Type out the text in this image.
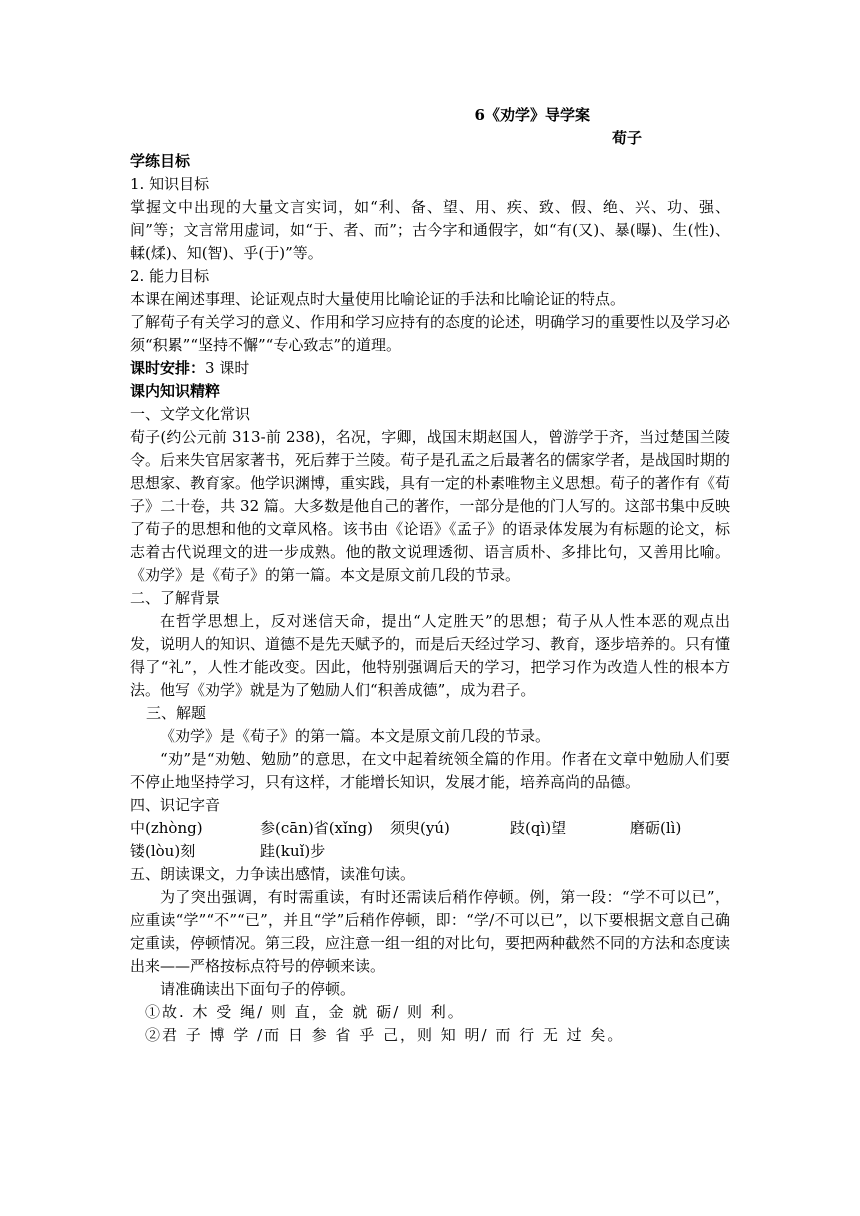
6《劝学》导学案
荀子
学练目标
1. 知识目标
掌握文中出现的大量文言实词，如“利、备、望、用、疾、致、假、绝、兴、功、强、间”等；文言常用虚词，如“于、者、而”；古今字和通假字，如“有(又)、暴(曝)、生(性)、輮(煣)、知(智)、乎(于)”等。
2. 能力目标
本课在阐述事理、论证观点时大量使用比喻论证的手法和比喻论证的特点。
了解荀子有关学习的意义、作用和学习应持有的态度的论述，明确学习的重要性以及学习必须“积累”“坚持不懈”“专心致志”的道理。
课时安排：3 课时
课内知识精粹
一、文学文化常识
荀子(约公元前 313-前 238)，名况，字卿，战国末期赵国人，曾游学于齐，当过楚国兰陵令。后来失官居家著书，死后葬于兰陵。荀子是孔孟之后最著名的儒家学者，是战国时期的思想家、教育家。他学识渊博，重实践，具有一定的朴素唯物主义思想。荀子的著作有《荀子》二十卷，共 32 篇。大多数是他自己的著作，一部分是他的门人写的。这部书集中反映了荀子的思想和他的文章风格。该书由《论语》《孟子》的语录体发展为有标题的论文，标志着古代说理文的进一步成熟。他的散文说理透彻、语言质朴、多排比句，又善用比喻。《劝学》是《荀子》的第一篇。本文是原文前几段的节录。
二、了解背景
在哲学思想上，反对迷信天命，提出“人定胜天”的思想；荀子从人性本恶的观点出发，说明人的知识、道德不是先天赋予的，而是后天经过学习、教育，逐步培养的。只有懂得了“礼”，人性才能改变。因此，他特别强调后天的学习，把学习作为改造人性的根本方法。他写《劝学》就是为了勉励人们“积善成德”，成为君子。
三、解题
《劝学》是《荀子》的第一篇。本文是原文前几段的节录。
“劝”是“劝勉、勉励”的意思，在文中起着统领全篇的作用。作者在文章中勉励人们要不停止地坚持学习，只有这样，才能增长知识，发展才能，培养高尚的品德。
四、识记字音
中(zhòng)	参(cān)省(xǐng)	须臾(yú)	跂(qì)望	磨砺(lì)
镂(lòu)刻	跬(kuǐ)步
五、朗读课文，力争读出感情，读准句读。
为了突出强调，有时需重读，有时还需读后稍作停顿。例，第一段：“学不可以已”，应重读“学”“不”“已”，并且“学”后稍作停顿，即：“学/不可以已”，以下要根据文意自己确定重读，停顿情况。第三段，应注意一组一组的对比句，要把两种截然不同的方法和态度读出来——严格按标点符号的停顿来读。
请准确读出下面句子的停顿。
①故. 木 受 绳/ 则 直，金 就 砺/ 则 利。
②君 子 博 学 /而 日 参 省 乎 己，则 知 明/ 而 行 无 过 矣。
